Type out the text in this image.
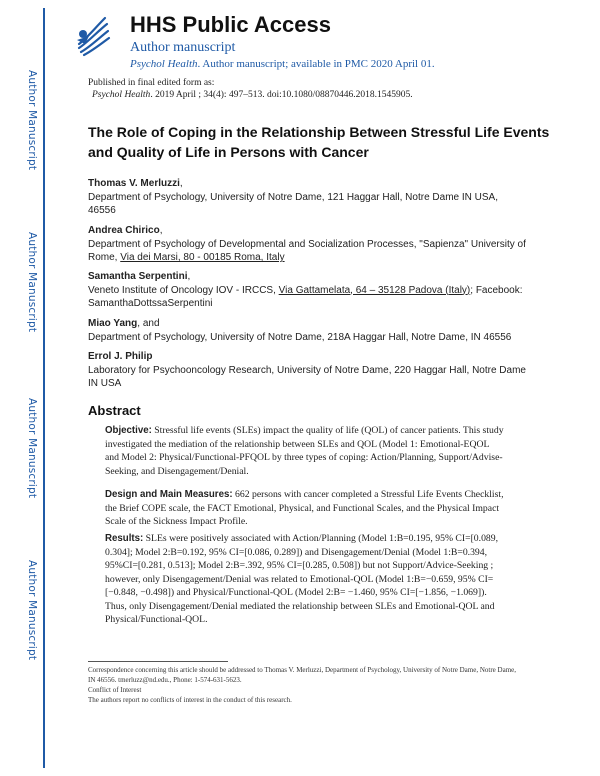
Author Manuscript
Author Manuscript
Author Manuscript
Author Manuscript
HHS Public Access
Author manuscript
Psychol Health. Author manuscript; available in PMC 2020 April 01.
Published in final edited form as:
Psychol Health. 2019 April ; 34(4): 497–513. doi:10.1080/08870446.2018.1545905.
The Role of Coping in the Relationship Between Stressful Life Events and Quality of Life in Persons with Cancer
Thomas V. Merluzzi,
Department of Psychology, University of Notre Dame, 121 Haggar Hall, Notre Dame IN USA, 46556
Andrea Chirico,
Department of Psychology of Developmental and Socialization Processes, "Sapienza" University of Rome, Via dei Marsi, 80 - 00185 Roma, Italy
Samantha Serpentini,
Veneto Institute of Oncology IOV - IRCCS, Via Gattamelata, 64 – 35128 Padova (Italy); Facebook: SamanthaDottssaSerpentini
Miao Yang, and
Department of Psychology, University of Notre Dame, 218A Haggar Hall, Notre Dame, IN 46556
Errol J. Philip
Laboratory for Psychooncology Research, University of Notre Dame, 220 Haggar Hall, Notre Dame IN USA
Abstract
Objective: Stressful life events (SLEs) impact the quality of life (QOL) of cancer patients. This study investigated the mediation of the relationship between SLEs and QOL (Model 1: Emotional-EQOL and Model 2: Physical/Functional-PFQOL by three types of coping: Action/Planning, Support/Advise-Seeking, and Disengagement/Denial.
Design and Main Measures: 662 persons with cancer completed a Stressful Life Events Checklist, the Brief COPE scale, the FACT Emotional, Physical, and Functional Scales, and the Physical Impact Scale of the Sickness Impact Profile.
Results: SLEs were positively associated with Action/Planning (Model 1:B=0.195, 95% CI=[0.089, 0.304]; Model 2:B=0.192, 95% CI=[0.086, 0.289]) and Disengagement/Denial (Model 1:B=0.394, 95%CI=[0.281, 0.513]; Model 2:B=.392, 95% CI=[0.285, 0.508]) but not Support/Advice-Seeking ; however, only Disengagement/Denial was related to Emotional-QOL (Model 1:B=−0.659, 95% CI=[−0.848, −0.498]) and Physical/Functional-QOL (Model 2:B= −1.460, 95% CI=[−1.856, −1.069]). Thus, only Disengagement/Denial mediated the relationship between SLEs and Emotional-QOL and Physical/Functional-QOL.
Correspondence concerning this article should be addressed to Thomas V. Merluzzi, Department of Psychology, University of Notre Dame, Notre Dame, IN 46556. tmerluzz@nd.edu., Phone: 1-574-631-5623.
Conflict of Interest
The authors report no conflicts of interest in the conduct of this research.
